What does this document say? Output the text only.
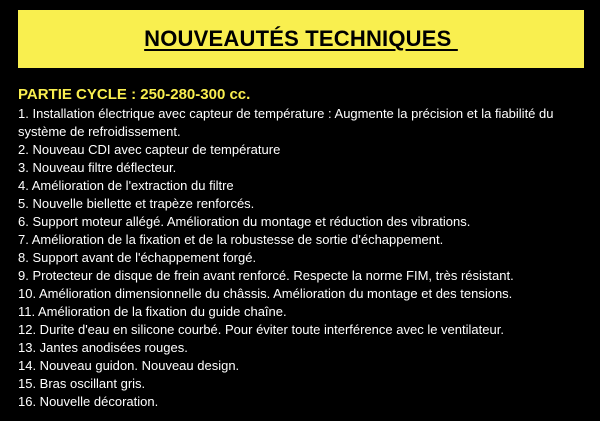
NOUVEAUTÉS TECHNIQUES
PARTIE CYCLE : 250-280-300 cc.
1. Installation électrique avec capteur de température : Augmente la précision et la fiabilité du système de refroidissement.
2. Nouveau CDI avec capteur de température
3. Nouveau filtre déflecteur.
4. Amélioration de l'extraction du filtre
5. Nouvelle biellette et trapèze renforcés.
6. Support moteur allégé. Amélioration du montage et réduction des vibrations.
7. Amélioration de la fixation et de la robustesse de sortie d'échappement.
8. Support avant de l'échappement forgé.
9. Protecteur de disque de frein avant renforcé. Respecte la norme FIM, très résistant.
10. Amélioration dimensionnelle du châssis. Amélioration du montage et des tensions.
11. Amélioration de la fixation du guide chaîne.
12. Durite d'eau en silicone courbé. Pour éviter toute interférence avec le ventilateur.
13. Jantes anodisées rouges.
14. Nouveau guidon. Nouveau design.
15. Bras oscillant gris.
16. Nouvelle décoration.
